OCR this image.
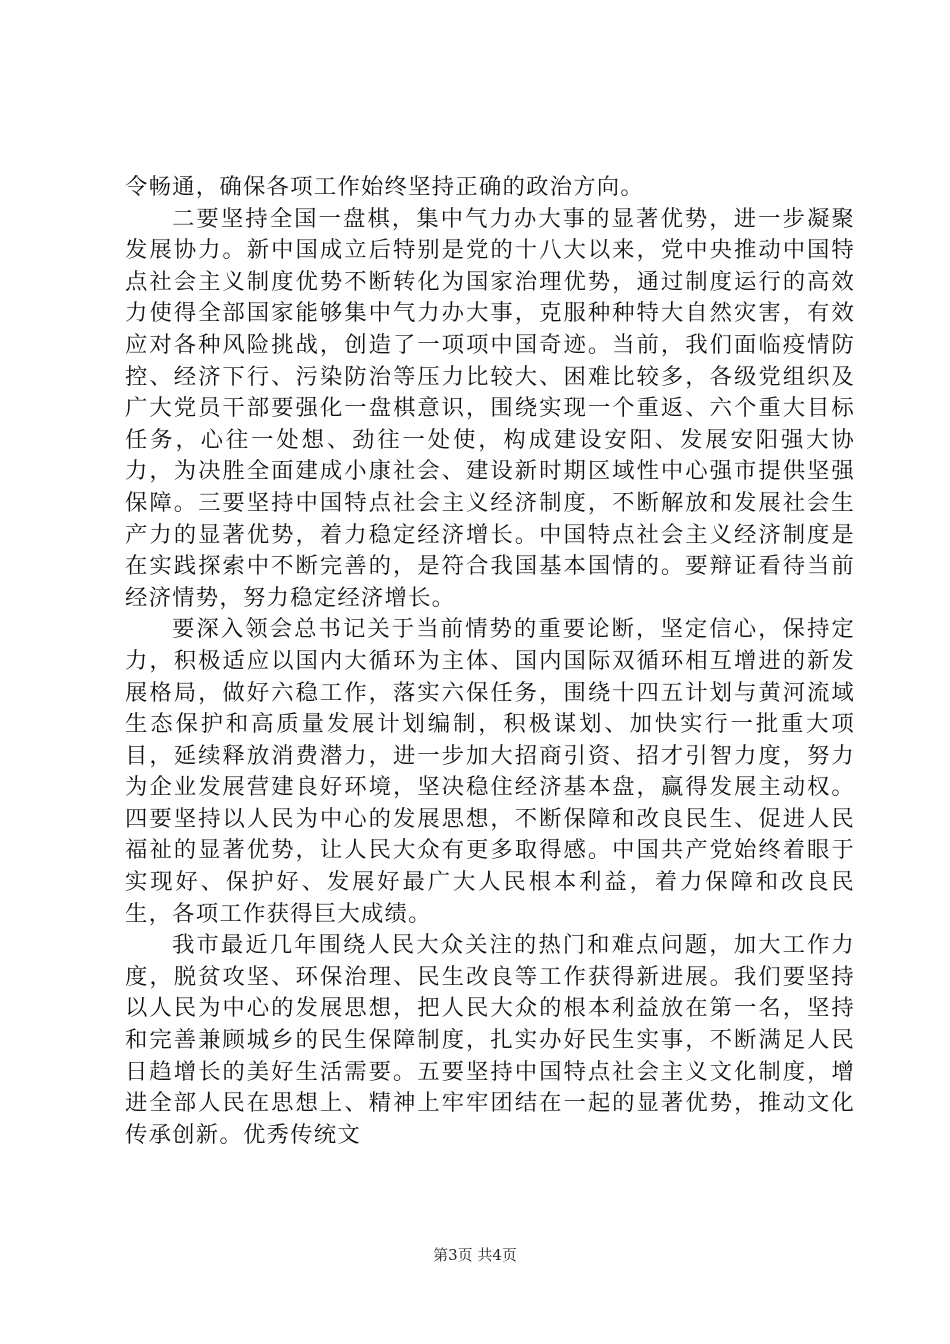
令畅通，确保各项工作始终坚持正确的政治方向。

二要坚持全国一盘棋，集中气力办大事的显著优势，进一步凝聚发展协力。新中国成立后特别是党的十八大以来，党中央推动中国特点社会主义制度优势不断转化为国家治理优势，通过制度运行的高效力使得全部国家能够集中气力办大事，克服种种特大自然灾害，有效应对各种风险挑战，创造了一项项中国奇迹。当前，我们面临疫情防控、经济下行、污染防治等压力比较大、困难比较多，各级党组织及广大党员干部要强化一盘棋意识，围绕实现一个重返、六个重大目标任务，心往一处想、劲往一处使，构成建设安阳、发展安阳强大协力，为决胜全面建成小康社会、建设新时期区域性中心强市提供坚强保障。三要坚持中国特点社会主义经济制度，不断解放和发展社会生产力的显著优势，着力稳定经济增长。中国特点社会主义经济制度是在实践探索中不断完善的，是符合我国基本国情的。要辩证看待当前经济情势，努力稳定经济增长。

要深入领会总书记关于当前情势的重要论断，坚定信心，保持定力，积极适应以国内大循环为主体、国内国际双循环相互增进的新发展格局，做好六稳工作，落实六保任务，围绕十四五计划与黄河流域生态保护和高质量发展计划编制，积极谋划、加快实行一批重大项目，延续释放消费潜力，进一步加大招商引资、招才引智力度，努力为企业发展营建良好环境，坚决稳住经济基本盘，赢得发展主动权。四要坚持以人民为中心的发展思想，不断保障和改良民生、促进人民福祉的显著优势，让人民大众有更多取得感。中国共产党始终着眼于实现好、保护好、发展好最广大人民根本利益，着力保障和改良民生，各项工作获得巨大成绩。

我市最近几年围绕人民大众关注的热门和难点问题，加大工作力度，脱贫攻坚、环保治理、民生改良等工作获得新进展。我们要坚持以人民为中心的发展思想，把人民大众的根本利益放在第一名，坚持和完善兼顾城乡的民生保障制度，扎实办好民生实事，不断满足人民日趋增长的美好生活需要。五要坚持中国特点社会主义文化制度，增进全部人民在思想上、精神上牢牢团结在一起的显著优势，推动文化传承创新。优秀传统文

第3页 共4页
